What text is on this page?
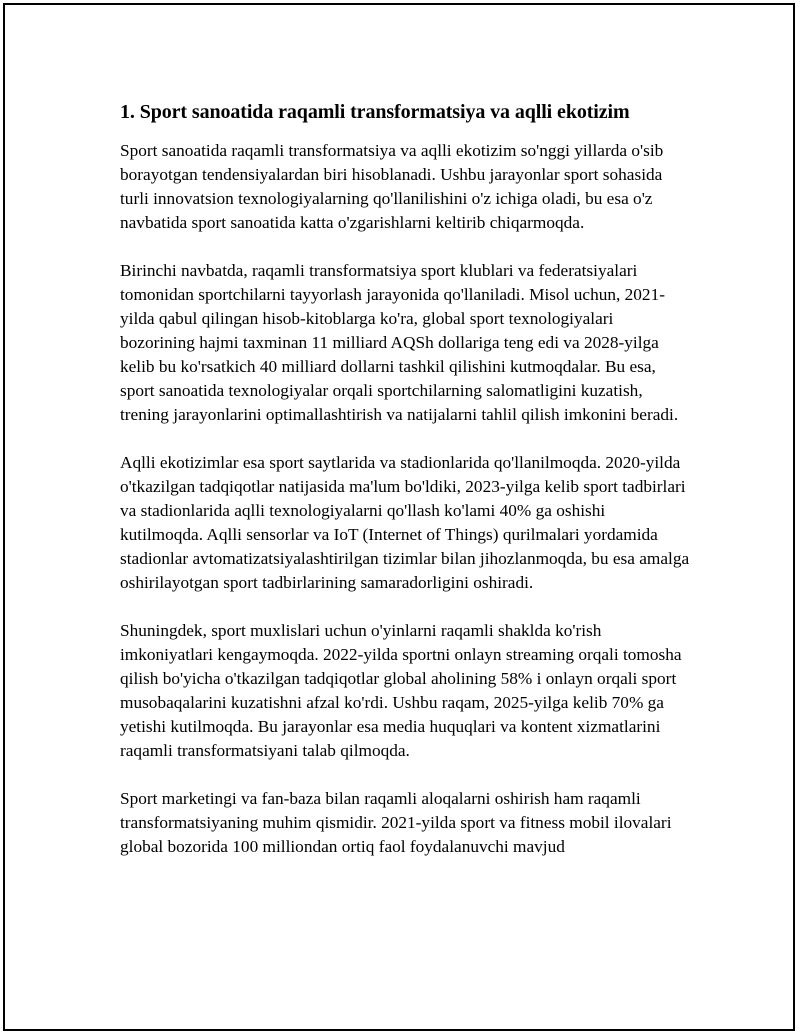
1. Sport sanoatida raqamli transformatsiya va aqlli ekotizim

Sport sanoatida raqamli transformatsiya va aqlli ekotizim so'nggi yillarda o'sib borayotgan tendensiyalardan biri hisoblanadi. Ushbu jarayonlar sport sohasida turli innovatsion texnologiyalarning qo'llanilishini o'z ichiga oladi, bu esa o'z navbatida sport sanoatida katta o'zgarishlarni keltirib chiqarmoqda.

Birinchi navbatda, raqamli transformatsiya sport klublari va federatsiyalari tomonidan sportchilarni tayyorlash jarayonida qo'llaniladi. Misol uchun, 2021-yilda qabul qilingan hisob-kitoblarga ko'ra, global sport texnologiyalari bozorining hajmi taxminan 11 milliard AQSh dollariga teng edi va 2028-yilga kelib bu ko'rsatkich 40 milliard dollarni tashkil qilishini kutmoqdalar. Bu esa, sport sanoatida texnologiyalar orqali sportchilarning salomatligini kuzatish, trening jarayonlarini optimallashtirish va natijalarni tahlil qilish imkonini beradi.

Aqlli ekotizimlar esa sport saytlarida va stadionlarida qo'llanilmoqda. 2020-yilda o'tkazilgan tadqiqotlar natijasida ma'lum bo'ldiki, 2023-yilga kelib sport tadbirlari va stadionlarida aqlli texnologiyalarni qo'llash ko'lami 40% ga oshishi kutilmoqda. Aqlli sensorlar va IoT (Internet of Things) qurilmalari yordamida stadionlar avtomatizatsiyalashtirilgan tizimlar bilan jihozlanmoqda, bu esa amalga oshirilayotgan sport tadbirlarining samaradorligini oshiradi.

Shuningdek, sport muxlislari uchun o'yinlarni raqamli shaklda ko'rish imkoniyatlari kengaymoqda. 2022-yilda sportni onlayn streaming orqali tomosha qilish bo'yicha o'tkazilgan tadqiqotlar global aholining 58% i onlayn orqali sport musobaqalarini kuzatishni afzal ko'rdi. Ushbu raqam, 2025-yilga kelib 70% ga yetishi kutilmoqda. Bu jarayonlar esa media huquqlari va kontent xizmatlarini raqamli transformatsiyani talab qilmoqda.

Sport marketingi va fan-baza bilan raqamli aloqalarni oshirish ham raqamli transformatsiyaning muhim qismidir. 2021-yilda sport va fitness mobil ilovalari global bozorida 100 milliondan ortiq faol foydalanuvchi mavjud
